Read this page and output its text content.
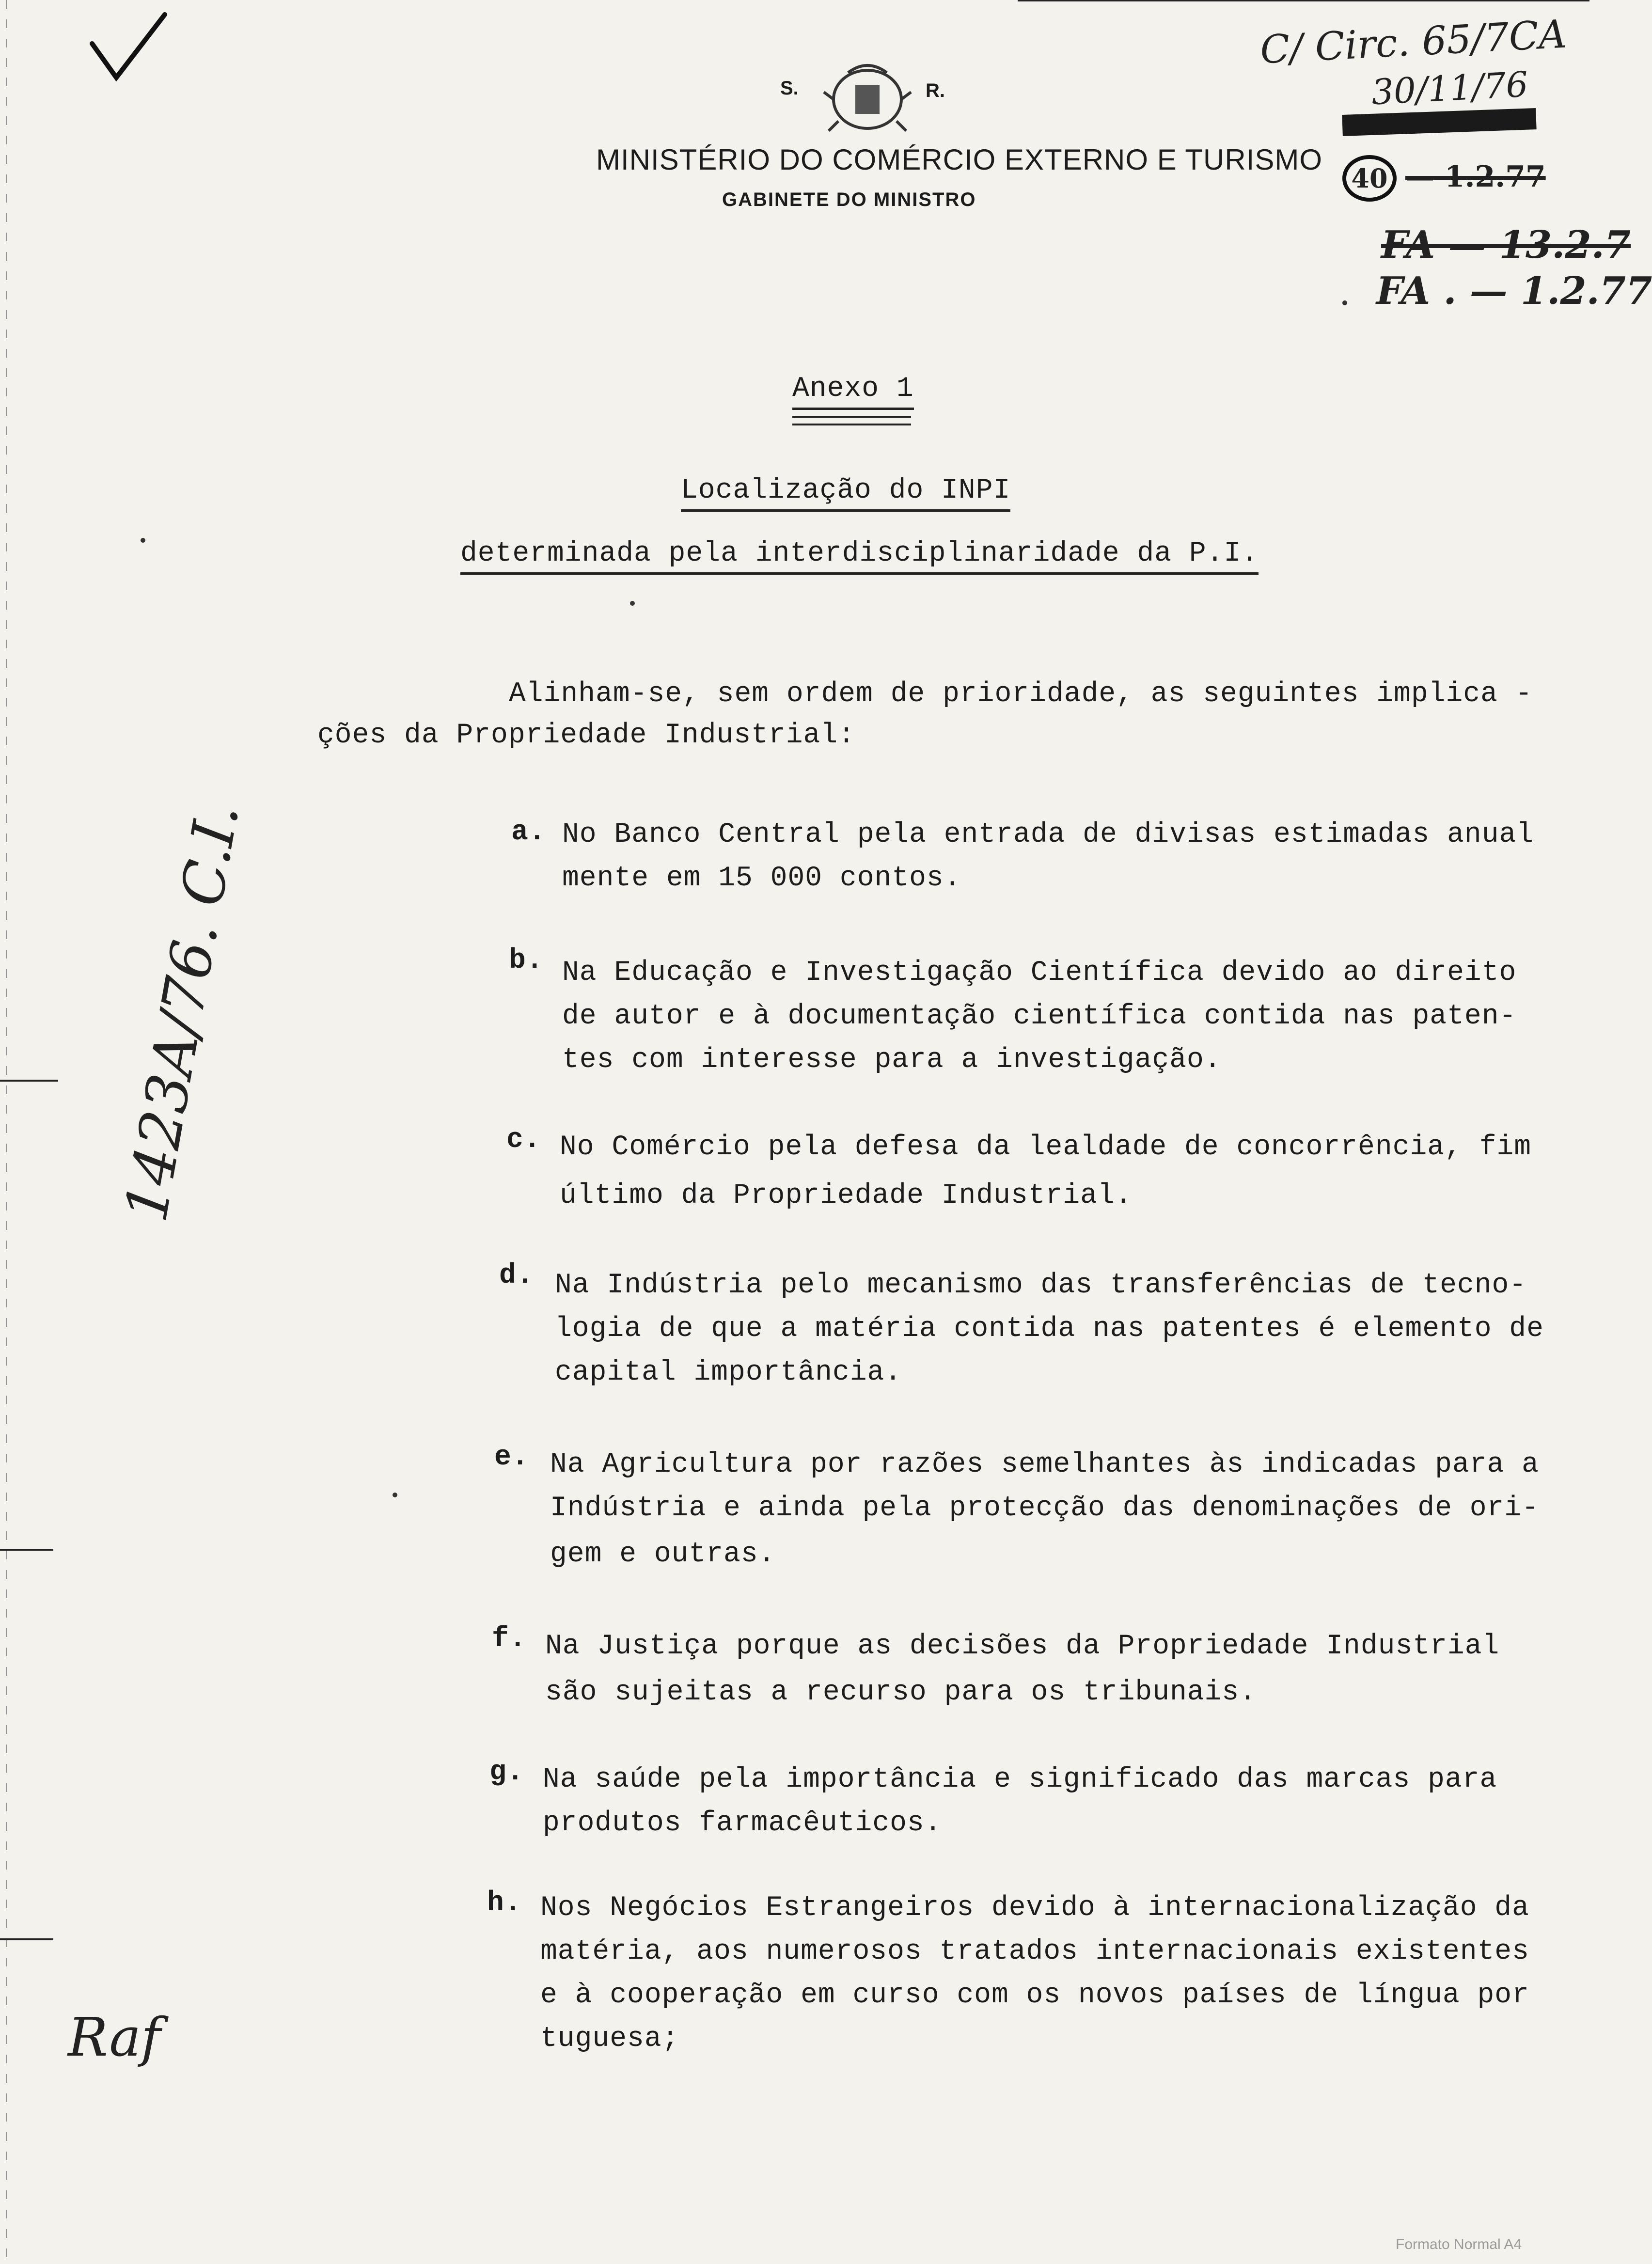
S.	R.
MINISTÉRIO DO COMÉRCIO EXTERNO E TURISMO
GABINETE DO MINISTRO
C/ Circ. 65/7CA
30/11/76
40 — 1.2.77
FA — 13.2.7
FA . — 1.2.77
1423A/76. C.I.
Raf
Anexo 1
Localização do INPI
determinada pela interdisciplinaridade da P.I.
Alinham-se, sem ordem de prioridade, as seguintes implica -
ções da Propriedade Industrial:
a. No Banco Central pela entrada de divisas estimadas anual
mente em 15 000 contos.
b. Na Educação e Investigação Científica devido ao direito
de autor e à documentação científica contida nas paten-
tes com interesse para a investigação.
c. No Comércio pela defesa da lealdade de concorrência, fim
último da Propriedade Industrial.
d. Na Indústria pelo mecanismo das transferências de tecno-
logia de que a matéria contida nas patentes é elemento de
capital importância.
e. Na Agricultura por razões semelhantes às indicadas para a
Indústria e ainda pela protecção das denominações de ori-
gem e outras.
f. Na Justiça porque as decisões da Propriedade Industrial
são sujeitas a recurso para os tribunais.
g. Na saúde pela importância e significado das marcas para
produtos farmacêuticos.
h. Nos Negócios Estrangeiros devido à internacionalização da
matéria, aos numerosos tratados internacionais existentes
e à cooperação em curso com os novos países de língua por
tuguesa;
Formato Normal A4
